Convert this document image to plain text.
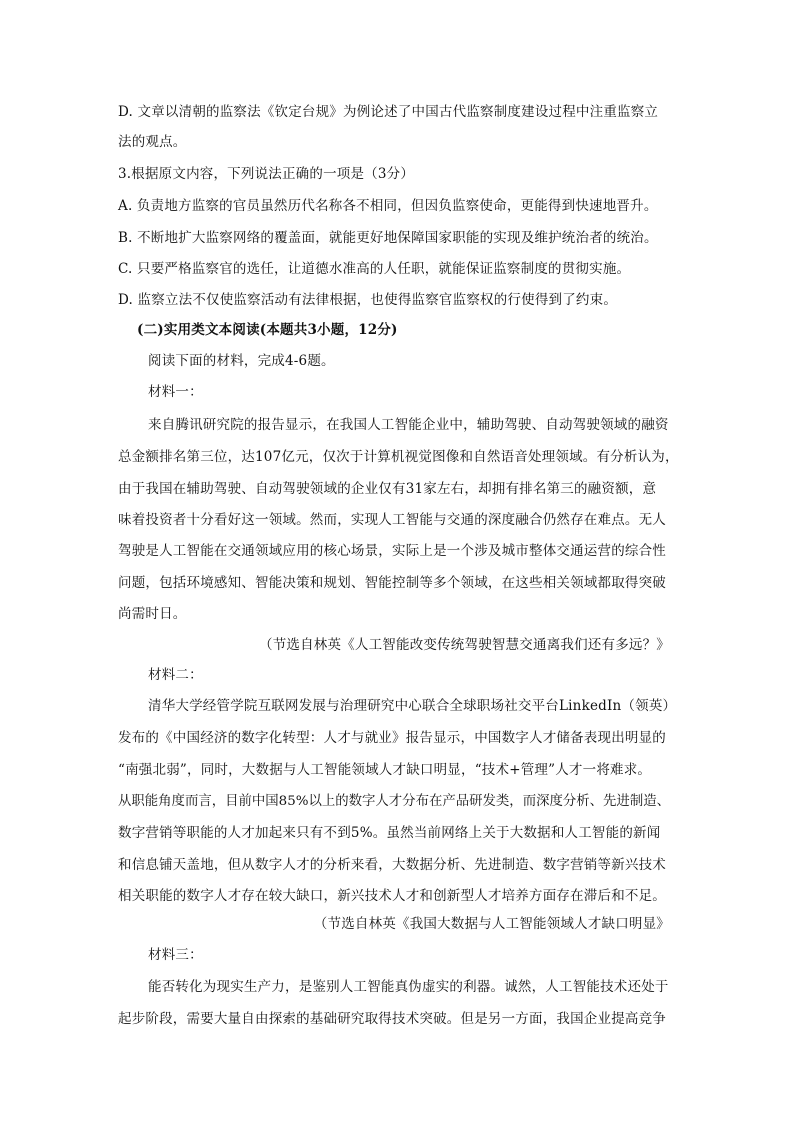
D. 文章以清朝的监察法《钦定台规》为例论述了中国古代监察制度建设过程中注重监察立
法的观点。
3.根据原文内容，下列说法正确的一项是（3分）
A. 负责地方监察的官员虽然历代名称各不相同，但因负监察使命，更能得到快速地晋升。
B. 不断地扩大监察网络的覆盖面，就能更好地保障国家职能的实现及维护统治者的统治。
C. 只要严格监察官的选任，让道德水准高的人任职，就能保证监察制度的贯彻实施。
D. 监察立法不仅使监察活动有法律根据，也使得监察官监察权的行使得到了约束。
(二)实用类文本阅读(本题共3小题，12分)
阅读下面的材料，完成4-6题。
材料一：
来自腾讯研究院的报告显示，在我国人工智能企业中，辅助驾驶、自动驾驶领域的融资
总金额排名第三位，达107亿元，仅次于计算机视觉图像和自然语音处理领域。有分析认为，
由于我国在辅助驾驶、自动驾驶领域的企业仅有31家左右，却拥有排名第三的融资额，意
味着投资者十分看好这一领域。然而，实现人工智能与交通的深度融合仍然存在难点。无人
驾驶是人工智能在交通领域应用的核心场景，实际上是一个涉及城市整体交通运营的综合性
问题，包括环境感知、智能决策和规划、智能控制等多个领域，在这些相关领域都取得突破
尚需时日。
（节选自林英《人工智能改变传统驾驶智慧交通离我们还有多远？》
材料二：
清华大学经管学院互联网发展与治理研究中心联合全球职场社交平台LinkedIn（领英）
发布的《中国经济的数字化转型：人才与就业》报告显示，中国数字人才储备表现出明显的
“南强北弱”，同时，大数据与人工智能领域人才缺口明显，“技术+管理”人才一将难求。
从职能角度而言，目前中国85%以上的数字人才分布在产品研发类，而深度分析、先进制造、
数字营销等职能的人才加起来只有不到5%。虽然当前网络上关于大数据和人工智能的新闻
和信息铺天盖地，但从数字人才的分析来看，大数据分析、先进制造、数字营销等新兴技术
相关职能的数字人才存在较大缺口，新兴技术人才和创新型人才培养方面存在滞后和不足。
（节选自林英《我国大数据与人工智能领域人才缺口明显》
材料三：
能否转化为现实生产力，是鉴别人工智能真伪虚实的利器。诚然，人工智能技术还处于
起步阶段，需要大量自由探索的基础研究取得技术突破。但是另一方面，我国企业提高竞争
